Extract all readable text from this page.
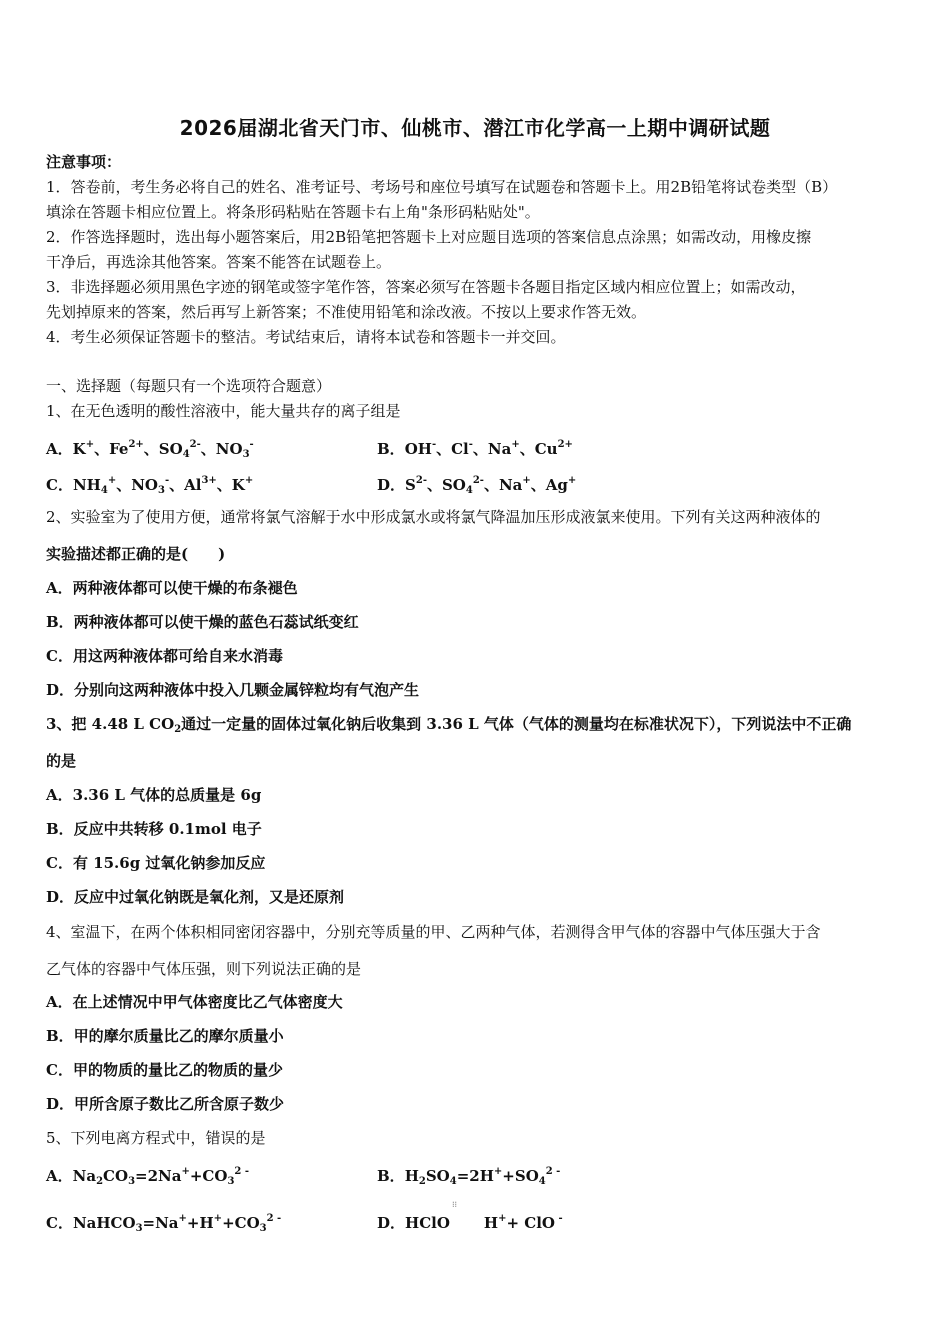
2026届湖北省天门市、仙桃市、潜江市化学高一上期中调研试题
注意事项：
1．答卷前，考生务必将自己的姓名、准考证号、考场号和座位号填写在试题卷和答题卡上。用2B铅笔将试卷类型（B）
填涂在答题卡相应位置上。将条形码粘贴在答题卡右上角"条形码粘贴处"。
2．作答选择题时，选出每小题答案后，用2B铅笔把答题卡上对应题目选项的答案信息点涂黑；如需改动，用橡皮擦
干净后，再选涂其他答案。答案不能答在试题卷上。
3．非选择题必须用黑色字迹的钢笔或签字笔作答，答案必须写在答题卡各题目指定区域内相应位置上；如需改动，
先划掉原来的答案，然后再写上新答案；不准使用铅笔和涂改液。不按以上要求作答无效。
4．考生必须保证答题卡的整洁。考试结束后，请将本试卷和答题卡一并交回。
一、选择题（每题只有一个选项符合题意）
1、在无色透明的酸性溶液中，能大量共存的离子组是
A．K+、$Fe^{2+}$、$SO_4^{2-}$、$NO_3^-$	B．OH-、Cl-、Na+、$Cu^{2+}$
C．$NH_4^+$、$NO_3^-$、$Al^{3+}$、K+	D．$S^{2-}$、$SO_4^{2-}$、Na+、Ag+
2、实验室为了使用方便，通常将氯气溶解于水中形成氯水或将氯气降温加压形成液氯来使用。下列有关这两种液体的
实验描述都正确的是(　　)
A．两种液体都可以使干燥的布条褪色
B．两种液体都可以使干燥的蓝色石蕊试纸变红
C．用这两种液体都可给自来水消毒
D．分别向这两种液体中投入几颗金属锌粒均有气泡产生
3、把 4.48 L $CO_2$通过一定量的固体过氧化钠后收集到 3.36 L 气体（气体的测量均在标准状况下），下列说法中不正确
的是
A．3.36 L 气体的总质量是 6g
B．反应中共转移 0.1mol 电子
C．有 15.6g 过氧化钠参加反应
D．反应中过氧化钠既是氧化剂，又是还原剂
4、室温下，在两个体积相同密闭容器中，分别充等质量的甲、乙两种气体，若测得含甲气体的容器中气体压强大于含
乙气体的容器中气体压强，则下列说法正确的是
A．在上述情况中甲气体密度比乙气体密度大
B．甲的摩尔质量比乙的摩尔质量小
C．甲的物质的量比乙的物质的量少
D．甲所含原子数比乙所含原子数少
5、下列电离方程式中，错误的是
A．$Na_2CO_3=2Na^++CO_3^{2 -}$	B．$H_2SO_4=2H^++SO_4^{2 -}$
C．$NaHCO_3=Na^++H^++CO_3^{2 -}$	D．HClO H++ ClO -
⁝⁝
